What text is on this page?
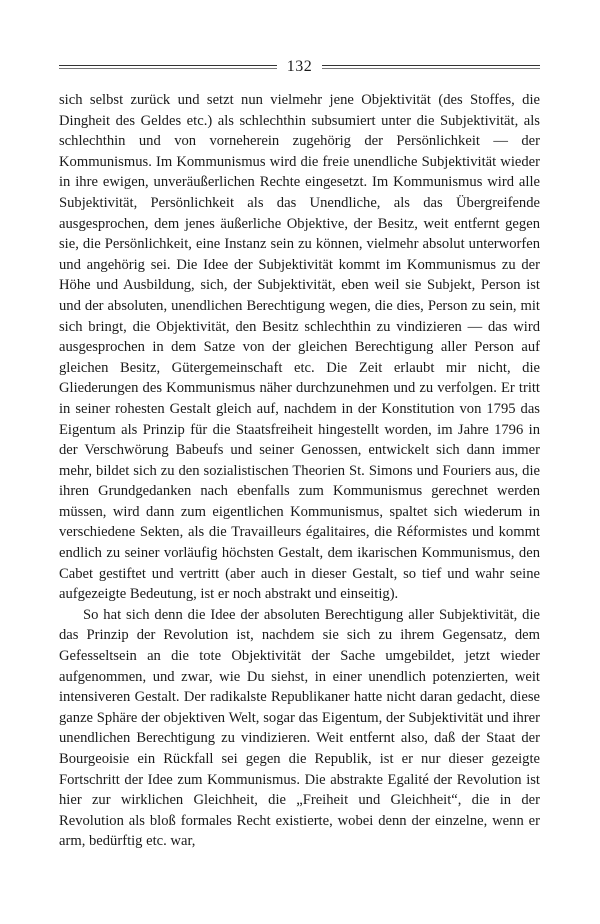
132

sich selbst zurück und setzt nun vielmehr jene Objektivität (des Stoffes, die Dingheit des Geldes etc.) als schlechthin subsumiert unter die Subjektivität, als schlechthin und von vorneherein zugehörig der Persönlichkeit — der Kommunismus. Im Kommunismus wird die freie unendliche Subjektivität wieder in ihre ewigen, unveräußerlichen Rechte eingesetzt. Im Kommunismus wird alle Subjektivität, Persönlichkeit als das Unendliche, als das Übergreifende ausgesprochen, dem jenes äußerliche Objektive, der Besitz, weit entfernt gegen sie, die Persönlichkeit, eine Instanz sein zu können, vielmehr absolut unterworfen und angehörig sei. Die Idee der Subjektivität kommt im Kommunismus zu der Höhe und Ausbildung, sich, der Subjektivität, eben weil sie Subjekt, Person ist und der absoluten, unendlichen Berechtigung wegen, die dies, Person zu sein, mit sich bringt, die Objektivität, den Besitz schlechthin zu vindizieren — das wird ausgesprochen in dem Satze von der gleichen Berechtigung aller Person auf gleichen Besitz, Gütergemeinschaft etc. Die Zeit erlaubt mir nicht, die Gliederungen des Kommunismus näher durchzunehmen und zu verfolgen. Er tritt in seiner rohesten Gestalt gleich auf, nachdem in der Konstitution von 1795 das Eigentum als Prinzip für die Staatsfreiheit hingestellt worden, im Jahre 1796 in der Verschwörung Babeufs und seiner Genossen, entwickelt sich dann immer mehr, bildet sich zu den sozialistischen Theorien St. Simons und Fouriers aus, die ihren Grundgedanken nach ebenfalls zum Kommunismus gerechnet werden müssen, wird dann zum eigentlichen Kommunismus, spaltet sich wiederum in verschiedene Sekten, als die Travailleurs égalitaires, die Réformistes und kommt endlich zu seiner vorläufig höchsten Gestalt, dem ikarischen Kommunismus, den Cabet gestiftet und vertritt (aber auch in dieser Gestalt, so tief und wahr seine aufgezeigte Bedeutung, ist er noch abstrakt und einseitig).

So hat sich denn die Idee der absoluten Berechtigung aller Subjektivität, die das Prinzip der Revolution ist, nachdem sie sich zu ihrem Gegensatz, dem Gefesseltsein an die tote Objektivität der Sache umgebildet, jetzt wieder aufgenommen, und zwar, wie Du siehst, in einer unendlich potenzierten, weit intensiveren Gestalt. Der radikalste Republikaner hatte nicht daran gedacht, diese ganze Sphäre der objektiven Welt, sogar das Eigentum, der Subjektivität und ihrer unendlichen Berechtigung zu vindizieren. Weit entfernt also, daß der Staat der Bourgeoisie ein Rückfall sei gegen die Republik, ist er nur dieser gezeigte Fortschritt der Idee zum Kommunismus. Die abstrakte Egalité der Revolution ist hier zur wirklichen Gleichheit, die „Freiheit und Gleichheit“, die in der Revolution als bloß formales Recht existierte, wobei denn der einzelne, wenn er arm, bedürftig etc. war,
